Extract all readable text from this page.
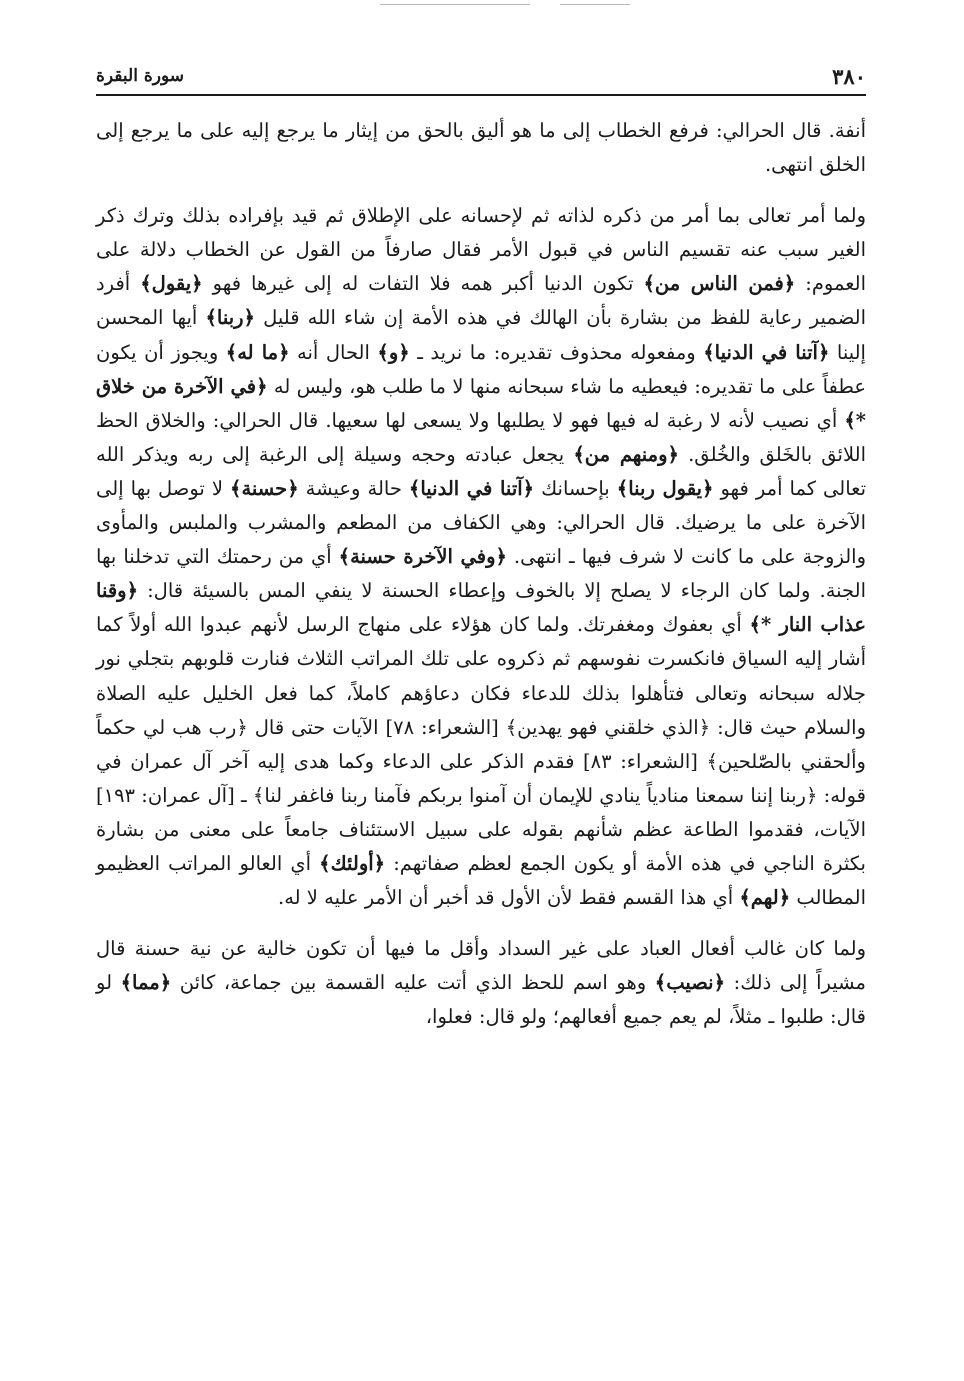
٣٨٠
سورة البقرة

أنفة. قال الحرالي: فرفع الخطاب إلى ما هو أليق بالحق من إيثار ما يرجع إليه على ما يرجع إلى الخلق انتهى.

ولما أمر تعالى بما أمر من ذكره لذاته ثم لإحسانه على الإطلاق ثم قيد بإفراده بذلك وترك ذكر الغير سبب عنه تقسيم الناس في قبول الأمر فقال صارفاً من القول عن الخطاب دلالة على العموم: ﴿فمن الناس من﴾ تكون الدنيا أكبر همه فلا التفات له إلى غيرها فهو ﴿يقول﴾ أفرد الضمير رعاية للفظ من بشارة بأن الهالك في هذه الأمة إن شاء الله قليل ﴿ربنا﴾ أيها المحسن إلينا ﴿آتنا في الدنيا﴾ ومفعوله محذوف تقديره: ما نريد ـ ﴿و﴾ الحال أنه ﴿ما له﴾ ويجوز أن يكون عطفاً على ما تقديره: فيعطيه ما شاء سبحانه منها لا ما طلب هو، وليس له ﴿في الآخرة من خلاق *﴾ أي نصيب لأنه لا رغبة له فيها فهو لا يطلبها ولا يسعى لها سعيها. قال الحرالي: والخلاق الحظ اللائق بالخَلق والخُلق. ﴿ومنهم من﴾ يجعل عبادته وحجه وسيلة إلى الرغبة إلى ربه ويذكر الله تعالى كما أمر فهو ﴿يقول ربنا﴾ بإحسانك ﴿آتنا في الدنيا﴾ حالة وعيشة ﴿حسنة﴾ لا توصل بها إلى الآخرة على ما يرضيك. قال الحرالي: وهي الكفاف من المطعم والمشرب والملبس والمأوى والزوجة على ما كانت لا شرف فيها ـ انتهى. ﴿وفي الآخرة حسنة﴾ أي من رحمتك التي تدخلنا بها الجنة. ولما كان الرجاء لا يصلح إلا بالخوف وإعطاء الحسنة لا ينفي المس بالسيئة قال: ﴿وقنا عذاب النار *﴾ أي بعفوك ومغفرتك. ولما كان هؤلاء على منهاج الرسل لأنهم عبدوا الله أولاً كما أشار إليه السياق فانكسرت نفوسهم ثم ذكروه على تلك المراتب الثلاث فنارت قلوبهم بتجلي نور جلاله سبحانه وتعالى فتأهلوا بذلك للدعاء فكان دعاؤهم كاملاً، كما فعل الخليل عليه الصلاة والسلام حيث قال: ﴿الذي خلقني فهو يهدين﴾ [الشعراء: ٧٨] الآيات حتى قال ﴿رب هب لي حكماً وألحقني بالصّٰلحين﴾ [الشعراء: ٨٣] فقدم الذكر على الدعاء وكما هدى إليه آخر آل عمران في قوله: ﴿ربنا إننا سمعنا منادياً ينادي للإيمان أن آمنوا بربكم فآمنا ربنا فاغفر لنا﴾ ـ [آل عمران: ١٩٣] الآيات، فقدموا الطاعة عظم شأنهم بقوله على سبيل الاستئناف جامعاً على معنى من بشارة بكثرة الناجي في هذه الأمة أو يكون الجمع لعظم صفاتهم: ﴿أولئك﴾ أي العالو المراتب العظيمو المطالب ﴿لهم﴾ أي هذا القسم فقط لأن الأول قد أخبر أن الأمر عليه لا له.

ولما كان غالب أفعال العباد على غير السداد وأقل ما فيها أن تكون خالية عن نية حسنة قال مشيراً إلى ذلك: ﴿نصيب﴾ وهو اسم للحظ الذي أتت عليه القسمة بين جماعة، كائن ﴿مما﴾ لو قال: طلبوا ـ مثلاً، لم يعم جميع أفعالهم؛ ولو قال: فعلوا،
